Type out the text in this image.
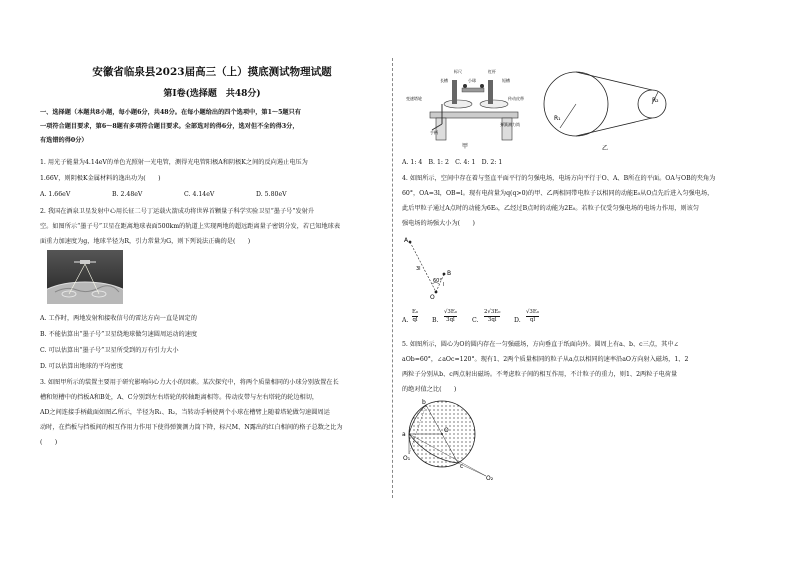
安徽省临泉县2023届高三（上）摸底测试物理试题
第Ⅰ卷(选择题　共48分)
一、选择题（本题共8小题，每小题6分，共48分。在每小题给出的四个选项中，第1～5题只有
一项符合题目要求，第6～8题有多项符合题目要求。全部选对的得6分，选对但不全的得3分，
有选错的得0分）
1. 用光子能量为4.14eV的单色光照射一光电管，测得光电管阳极A和阴极K之间的反向遏止电压为
1.66V，则阴极K金属材料的逸出功为(　　)
A. 1.66eV	B. 2.48eV	C. 4.14eV	D. 5.80eV
2. 我国在酒泉卫星发射中心用长征二号丁运载火箭成功将世界首颗量子科学实验卫星“墨子号”发射升
空。如图所示“墨子号”卫星在距离地球表面500km的轨道上实现两地的超远距离量子密钥分发，若已知地球表
面重力加速度为g，地球半径为R，引力常量为G，则下列说法正确的是(　　)
A. 工作时，两地发射和接收信号的雷达方向一直是固定的
B. 不能估算出“墨子号”卫星绕地球做匀速圆周运动的速度
C. 可以估算出“墨子号”卫星所受到的万有引力大小
D. 可以估算出地球的平均密度
3. 如图甲所示的装置主要用于研究影响向心力大小的因素。某次探究中，将两个质量相同的小球分别放置在长
槽和短槽中的挡板A和B处，A、C分别到左右塔轮的转轴距离相等。传动皮带与左右塔轮的轮边相切，
AD之间连接手柄截面如图乙所示，半径为R₁、R₂，当转动手柄使两个小球在槽臂上随着塔轮做匀速圆周运
动时，在挡板与挡板间的相互作用力作用下使得弹簧测力筒下降，标尺M、N露出的红白相间的格子总数之比为
(　　)
甲
手柄
标尺	杠杆
变速塔轮	传动皮带
长槽	短槽
小球
弹簧测力筒
R₁
R₂
乙
A. 1: 4　B. 1: 2　C. 4: 1　D. 2: 1
4. 如图所示，空间中存在着与竖直平面平行的匀强电场，电场方向平行于O、A、B所在的平面。OA与OB的夹角为
60°，OA=3l，OB=l。现有电荷量为q(q>0)的甲、乙两相同带电粒子以相同的动能E₀从O点先后进入匀强电场，
此后甲粒子通过A点时的动能为6E₀，乙经过B点时的动能为2E₀。若粒子仅受匀强电场的电场力作用，则该匀
强电场的场强大小为(　　)
A
B
O
60°
3l
l
A. $\frac{\text{E₀}}{ql} B$. $\frac{\text{√3E₀}}{3ql} C$. $\frac{\text{2√3E₀}}{3ql} D$. $\frac{\text{√3E₀}}{ql}$
5. 如图所示，圆心为O的圆内存在一匀强磁场，方向垂直于纸面向外。圆周上有a、b、c三点，其中∠
aOb=60°，∠aOc=120°。现有1、2两个质量相同的粒子从a点以相同的速率沿aO方向射入磁场，1、2
两粒子分别从b、c两点射出磁场。不考虑粒子间的相互作用，不计粒子的重力，则1、2两粒子电荷量
的绝对值之比(　　)
a
b
c
O
O₁
O₂
